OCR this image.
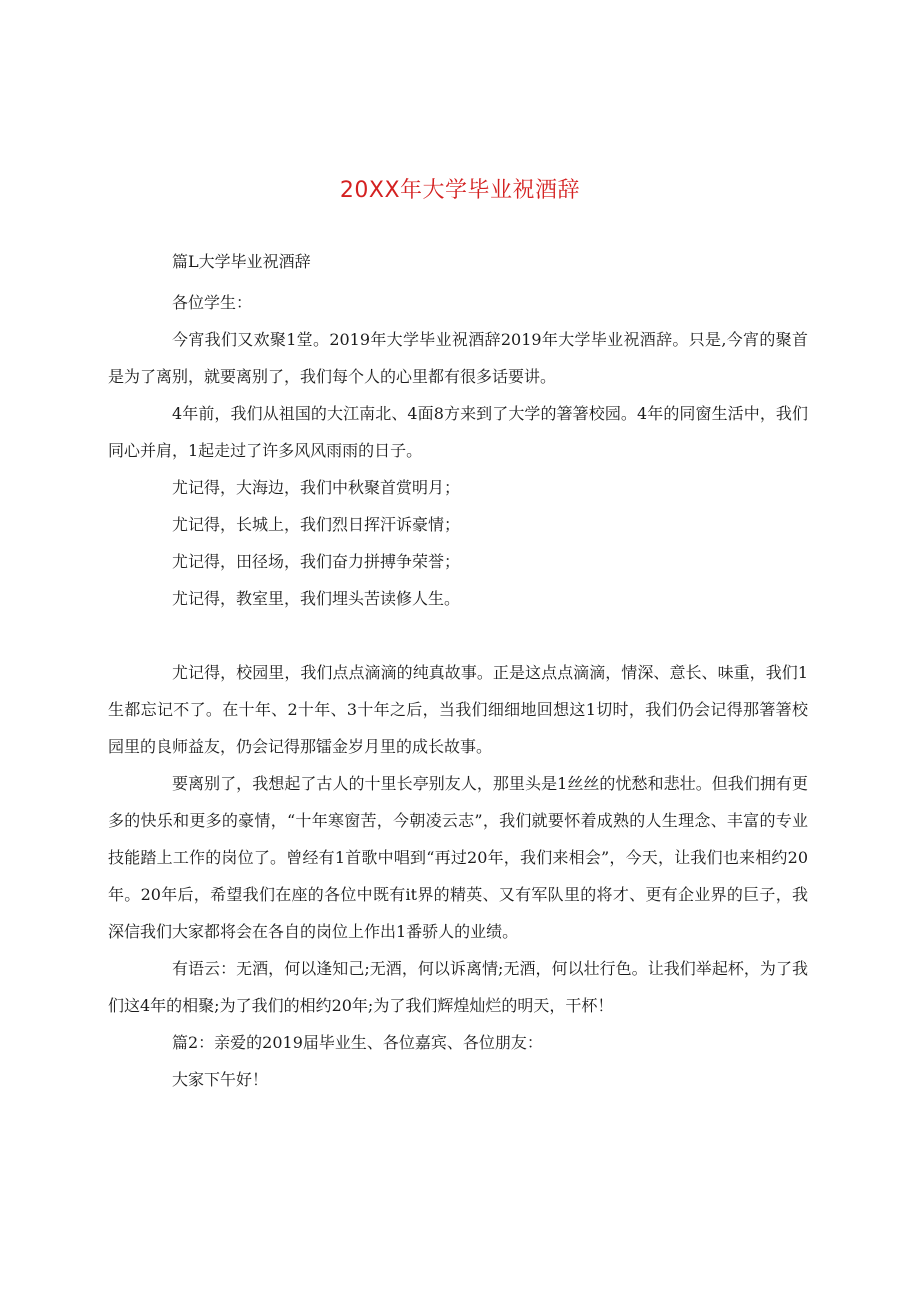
20XX年大学毕业祝酒辞

篇L大学毕业祝酒辞

各位学生：

今宵我们又欢聚1堂。2019年大学毕业祝酒辞2019年大学毕业祝酒辞。只是,今宵的聚首是为了离别，就要离别了，我们每个人的心里都有很多话要讲。

4年前，我们从祖国的大江南北、4面8方来到了大学的箸箸校园。4年的同窗生活中，我们同心并肩，1起走过了许多风风雨雨的日子。

尤记得，大海边，我们中秋聚首赏明月；

尤记得，长城上，我们烈日挥汗诉豪情；

尤记得，田径场，我们奋力拼搏争荣誉；

尤记得，教室里，我们埋头苦读修人生。

尤记得，校园里，我们点点滴滴的纯真故事。正是这点点滴滴，情深、意长、味重，我们1生都忘记不了。在十年、2十年、3十年之后，当我们细细地回想这1切时，我们仍会记得那箸箸校园里的良师益友，仍会记得那镭金岁月里的成长故事。

要离别了，我想起了古人的十里长亭别友人，那里头是1丝丝的忧愁和悲壮。但我们拥有更多的快乐和更多的豪情，“十年寒窗苦，今朝凌云志”，我们就要怀着成熟的人生理念、丰富的专业技能踏上工作的岗位了。曾经有1首歌中唱到“再过20年，我们来相会”，今天，让我们也来相约20年。20年后，希望我们在座的各位中既有it界的精英、又有军队里的将才、更有企业界的巨子，我深信我们大家都将会在各自的岗位上作出1番骄人的业绩。

有语云：无酒，何以逢知己;无酒，何以诉离情;无酒，何以壮行色。让我们举起杯，为了我们这4年的相聚;为了我们的相约20年;为了我们辉煌灿烂的明天，干杯！

篇2：亲爱的2019届毕业生、各位嘉宾、各位朋友：

大家下午好！
